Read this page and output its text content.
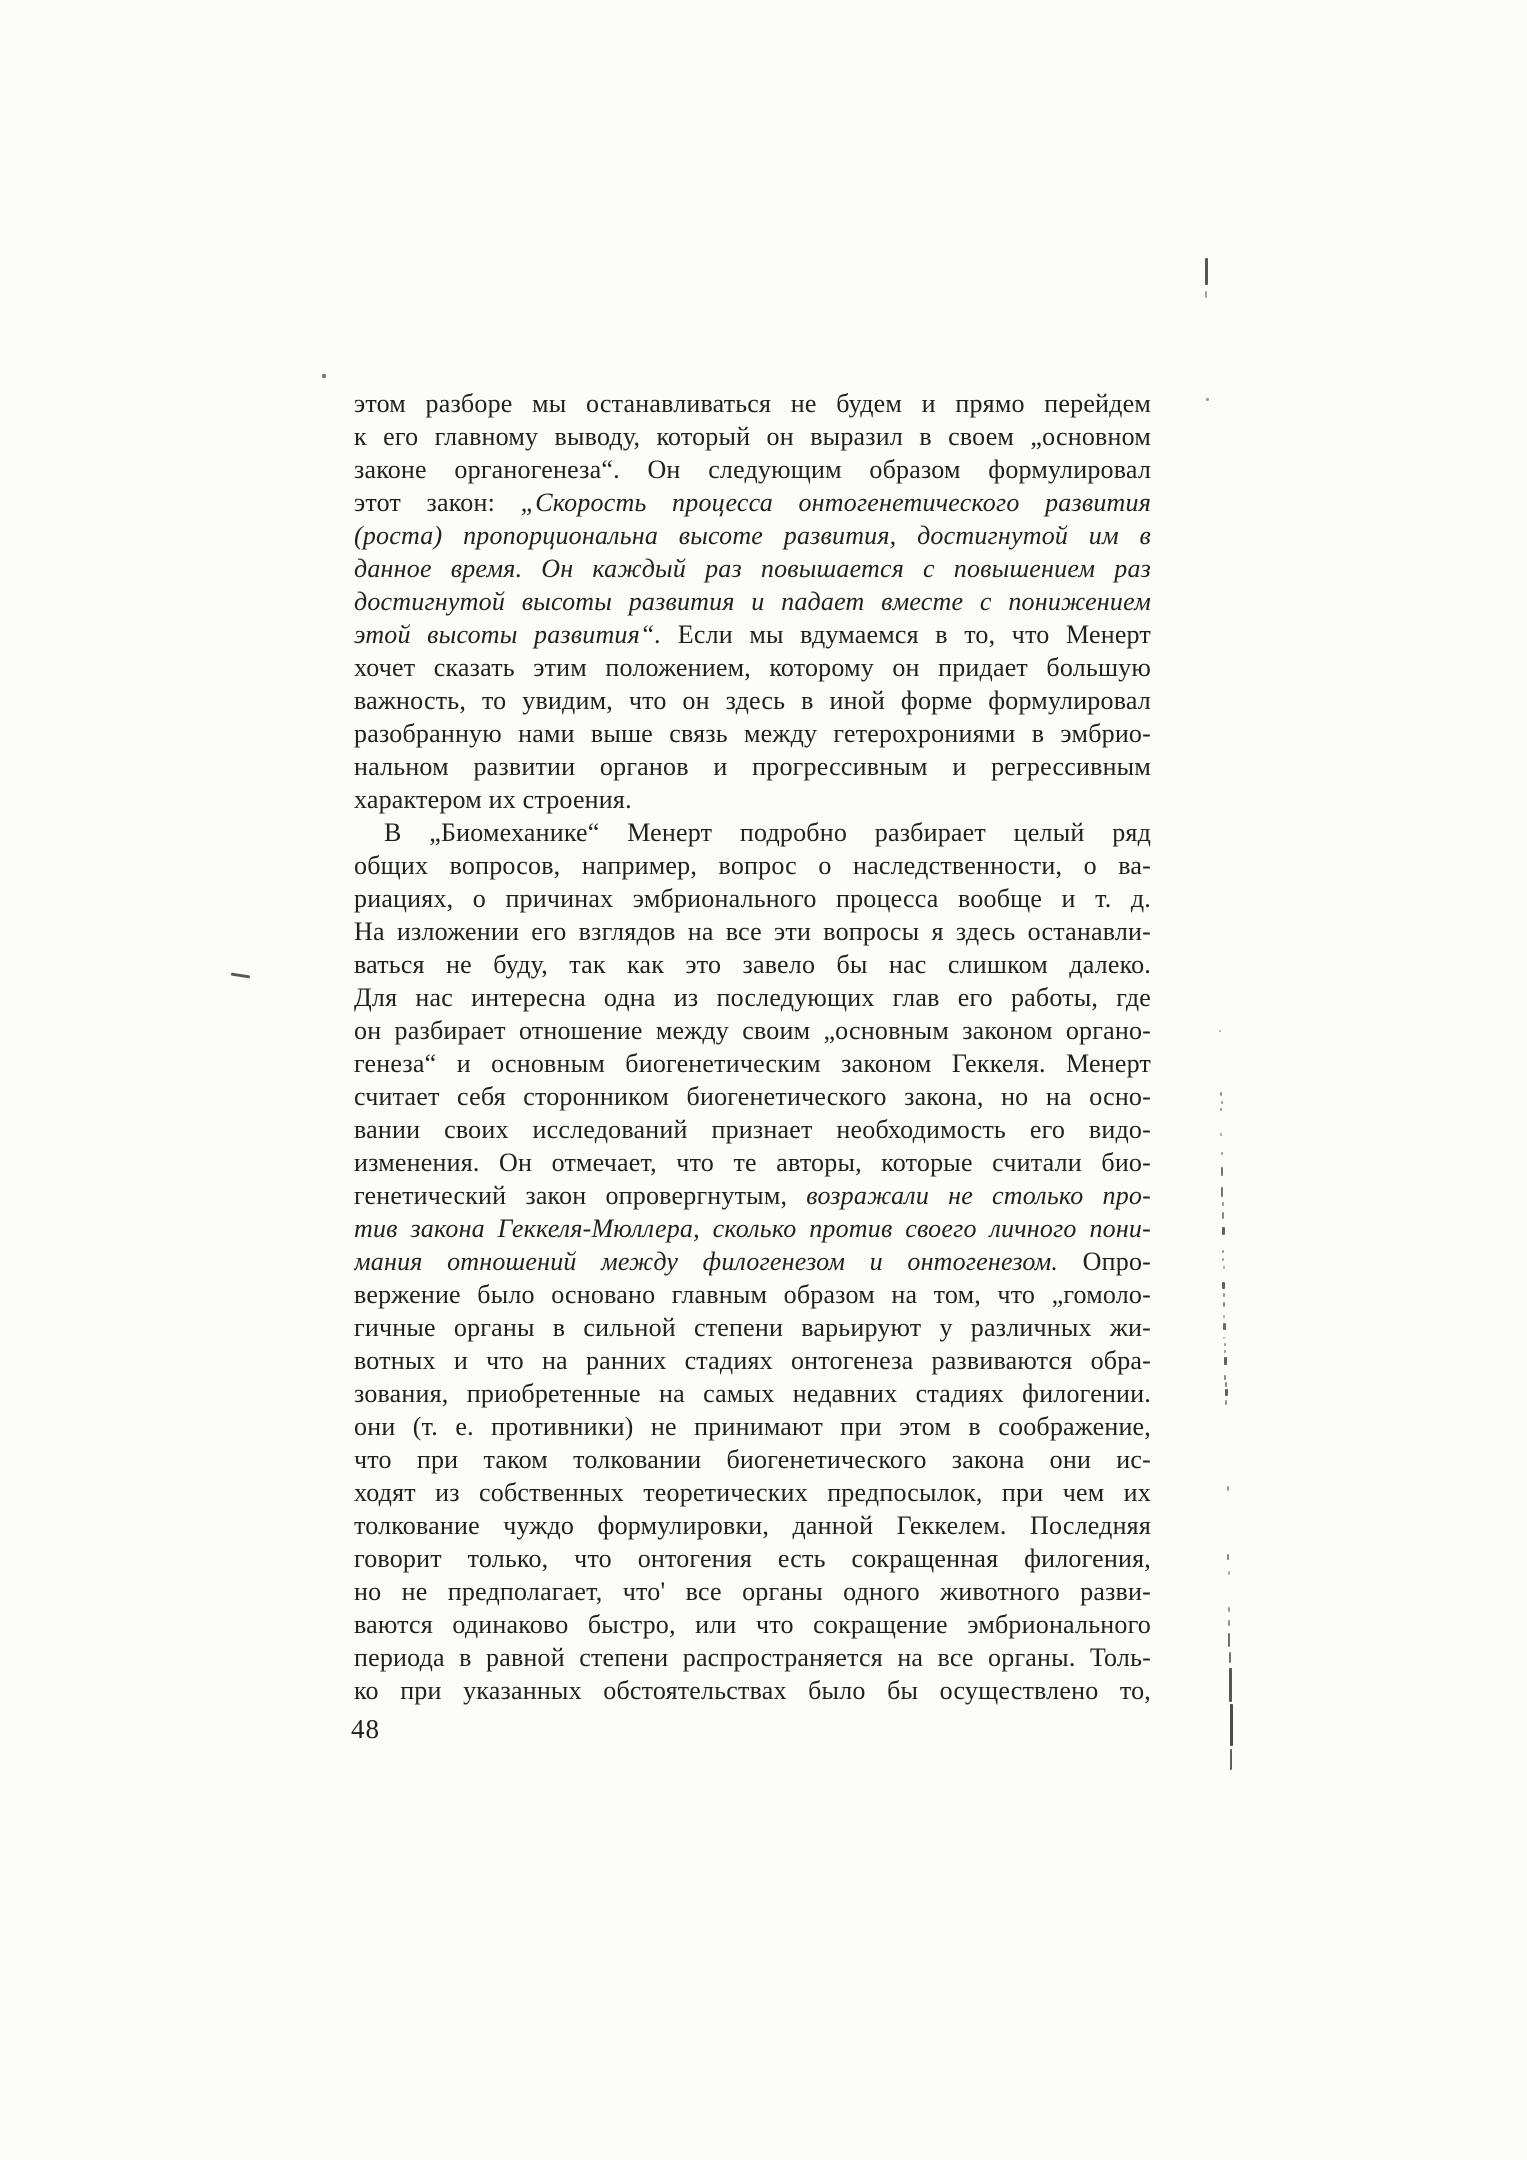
этом разборе мы останавливаться не будем и прямо перейдем
к его главному выводу, который он выразил в своем „основном
законе органогенеза“. Он следующим образом формулировал
этот закон: „Скорость процесса онтогенетического развития
(роста) пропорциональна высоте развития, достигнутой им в
данное время. Он каждый раз повышается с повышением раз
достигнутой высоты развития и падает вместе с понижением
этой высоты развития“. Если мы вдумаемся в то, что Менерт
хочет сказать этим положением, которому он придает большую
важность, то увидим, что он здесь в иной форме формулировал
разобранную нами выше связь между гетерохрониями в эмбрио-
нальном развитии органов и прогрессивным и регрессивным
характером их строения.
В „Биомеханике“ Менерт подробно разбирает целый ряд
общих вопросов, например, вопрос о наследственности, о ва-
риациях, о причинах эмбрионального процесса вообще и т. д.
На изложении его взглядов на все эти вопросы я здесь останавли-
ваться не буду, так как это завело бы нас слишком далеко.
Для нас интересна одна из последующих глав его работы, где
он разбирает отношение между своим „основным законом органо-
генеза“ и основным биогенетическим законом Геккеля. Менерт
считает себя сторонником биогенетического закона, но на осно-
вании своих исследований признает необходимость его видо-
изменения. Он отмечает, что те авторы, которые считали био-
генетический закон опровергнутым, возражали не столько про-
тив закона Геккеля-Мюллера, сколько против своего личного пони-
мания отношений между филогенезом и онтогенезом. Опро-
вержение было основано главным образом на том, что „гомоло-
гичные органы в сильной степени варьируют у различных жи-
вотных и что на ранних стадиях онтогенеза развиваются обра-
зования, приобретенные на самых недавних стадиях филогении.
они (т. е. противники) не принимают при этом в соображение,
что при таком толковании биогенетического закона они ис-
ходят из собственных теоретических предпосылок, при чем их
толкование чуждо формулировки, данной Геккелем. Последняя
говорит только, что онтогения есть сокращенная филогения,
но не предполагает, что' все органы одного животного разви-
ваются одинаково быстро, или что сокращение эмбрионального
периода в равной степени распространяется на все органы. Толь-
ко при указанных обстоятельствах было бы осуществлено то,
48
